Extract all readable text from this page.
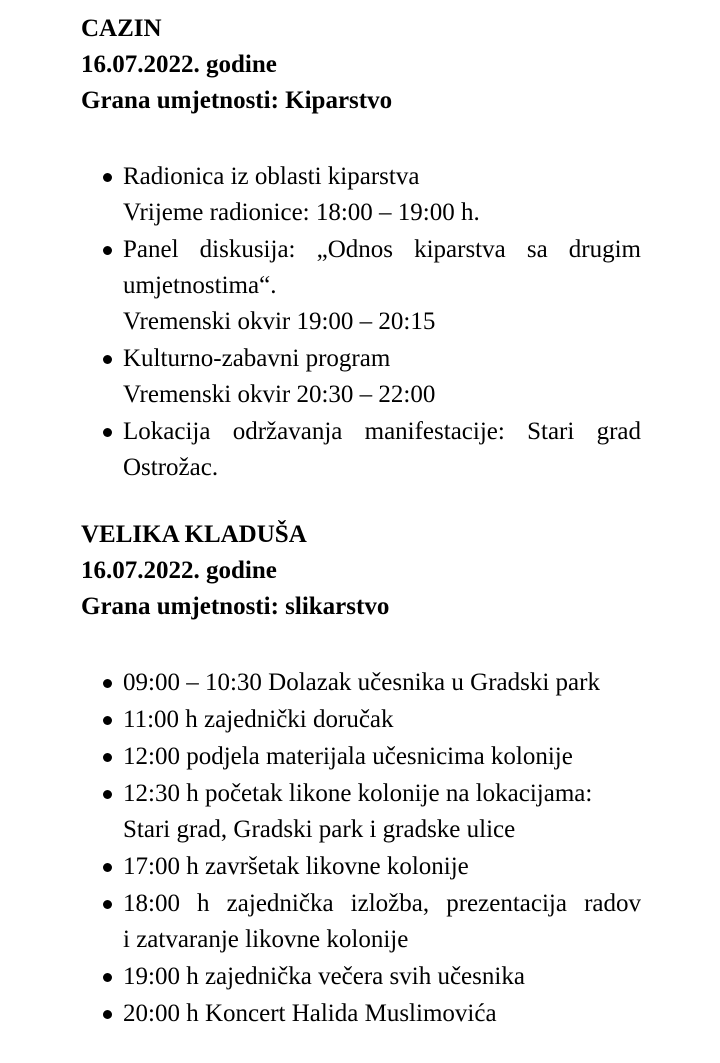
CAZIN

16.07.2022. godine

Grana umjetnosti: Kiparstvo

Radionica iz oblasti kiparstva
Vrijeme radionice: 18:00 – 19:00 h.
Panel diskusija: „Odnos kiparstva sa drugim
umjetnostima“.
Vremenski okvir 19:00 – 20:15
Kulturno-zabavni program
Vremenski okvir 20:30 – 22:00
Lokacija održavanja manifestacije: Stari grad
Ostrožac.

VELIKA KLADUŠA

16.07.2022. godine

Grana umjetnosti: slikarstvo

09:00 – 10:30 Dolazak učesnika u Gradski park
11:00 h zajednički doručak
12:00 podjela materijala učesnicima kolonije
12:30 h početak likone kolonije na lokacijama:
Stari grad, Gradski park i gradske ulice
17:00 h završetak likovne kolonije
18:00 h zajednička izložba, prezentacija radov
i zatvaranje likovne kolonije
19:00 h zajednička večera svih učesnika
20:00 h Koncert Halida Muslimovića
